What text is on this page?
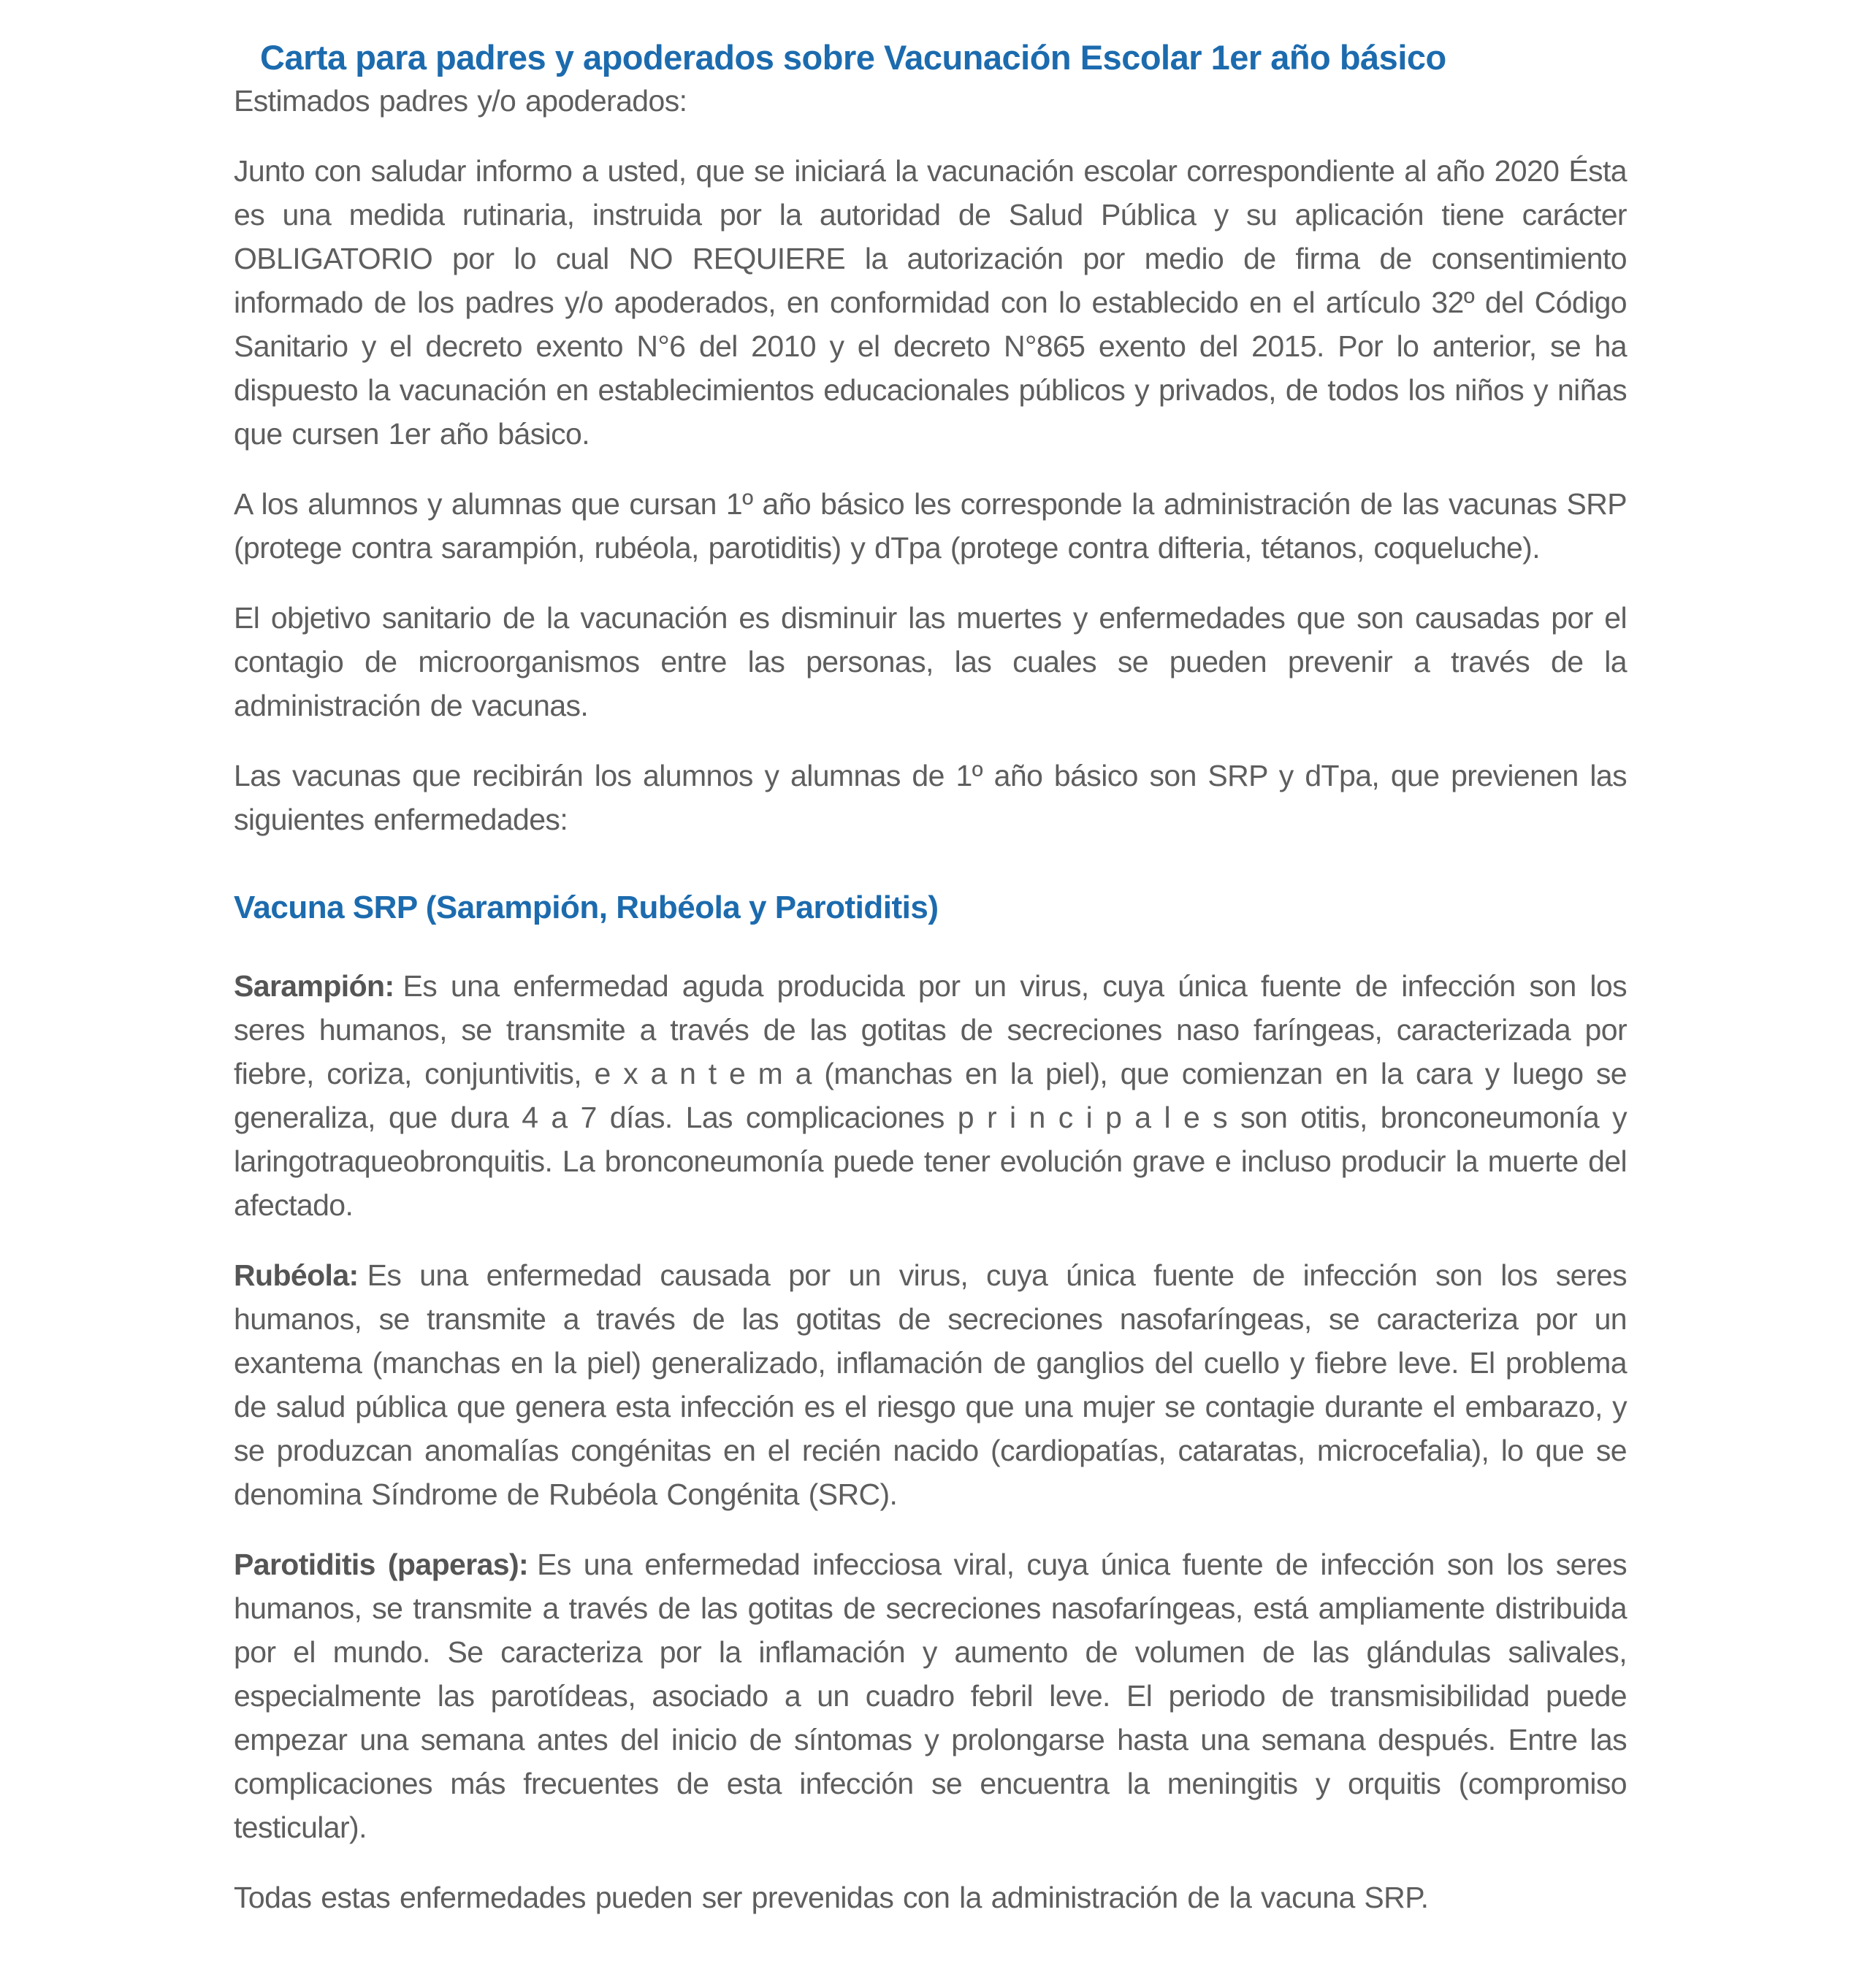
Carta para padres y apoderados sobre Vacunación Escolar 1er año básico

Estimados padres y/o apoderados:

Junto con saludar informo a usted, que se iniciará la vacunación escolar correspondiente al año 2020 Ésta es una medida rutinaria, instruida por la autoridad de Salud Pública y su aplicación tiene carácter OBLIGATORIO por lo cual NO REQUIERE la autorización por medio de firma de consentimiento informado de los padres y/o apoderados, en conformidad con lo establecido en el artículo 32º del Código Sanitario y el decreto exento N°6 del 2010 y el decreto N°865 exento del 2015. Por lo anterior, se ha dispuesto la vacunación en establecimientos educacionales públicos y privados, de todos los niños y niñas que cursen 1er año básico.

A los alumnos y alumnas que cursan 1º año básico les corresponde la administración de las vacunas SRP (protege contra sarampión, rubéola, parotiditis) y dTpa (protege contra difteria, tétanos, coqueluche).

El objetivo sanitario de la vacunación es disminuir las muertes y enfermedades que son causadas por el contagio de microorganismos entre las personas, las cuales se pueden prevenir a través de la administración de vacunas.

Las vacunas que recibirán los alumnos y alumnas de 1º año básico son SRP y dTpa, que previenen las siguientes enfermedades:

Vacuna SRP (Sarampión, Rubéola y Parotiditis)

Sarampión: Es una enfermedad aguda producida por un virus, cuya única fuente de infección son los seres humanos, se transmite a través de las gotitas de secreciones naso faríngeas, caracterizada por fiebre, coriza, conjuntivitis, e x a n t e m a (manchas en la piel), que comienzan en la cara y luego se generaliza, que dura 4 a 7 días. Las complicaciones p r i n c i p a l e s son otitis, bronconeumonía y laringotraqueobronquitis. La bronconeumonía puede tener evolución grave e incluso producir la muerte del afectado.

Rubéola: Es una enfermedad causada por un virus, cuya única fuente de infección son los seres humanos, se transmite a través de las gotitas de secreciones nasofaríngeas, se caracteriza por un exantema (manchas en la piel) generalizado, inflamación de ganglios del cuello y fiebre leve. El problema de salud pública que genera esta infección es el riesgo que una mujer se contagie durante el embarazo, y se produzcan anomalías congénitas en el recién nacido (cardiopatías, cataratas, microcefalia), lo que se denomina Síndrome de Rubéola Congénita (SRC).

Parotiditis (paperas): Es una enfermedad infecciosa viral, cuya única fuente de infección son los seres humanos, se transmite a través de las gotitas de secreciones nasofaríngeas, está ampliamente distribuida por el mundo. Se caracteriza por la inflamación y aumento de volumen de las glándulas salivales, especialmente las parotídeas, asociado a un cuadro febril leve. El periodo de transmisibilidad puede empezar una semana antes del inicio de síntomas y prolongarse hasta una semana después. Entre las complicaciones más frecuentes de esta infección se encuentra la meningitis y orquitis (compromiso testicular).

Todas estas enfermedades pueden ser prevenidas con la administración de la vacuna SRP.
